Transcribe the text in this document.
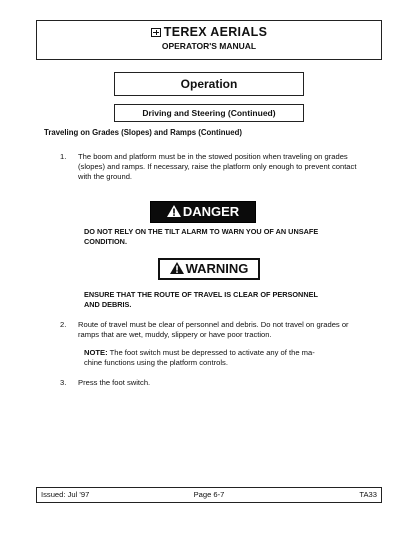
TEREX AERIALS
OPERATOR'S MANUAL
Operation
Driving and Steering (Continued)
Traveling on Grades (Slopes) and Ramps (Continued)
1. The boom and platform must be in the stowed position when traveling on grades
(slopes) and ramps. If necessary, raise the platform only enough to prevent contact
with the ground.
DANGER
DO NOT RELY ON THE TILT ALARM TO WARN YOU OF AN UNSAFE
CONDITION.
WARNING
ENSURE THAT THE ROUTE OF TRAVEL IS CLEAR OF PERSONNEL
AND DEBRIS.
2. Route of travel must be clear of personnel and debris. Do not travel on grades or
ramps that are wet, muddy, slippery or have poor traction.
NOTE: The foot switch must be depressed to activate any of the ma-
chine functions using the platform controls.
3. Press the foot switch.
Issued: Jul '97	Page 6-7	TA33
